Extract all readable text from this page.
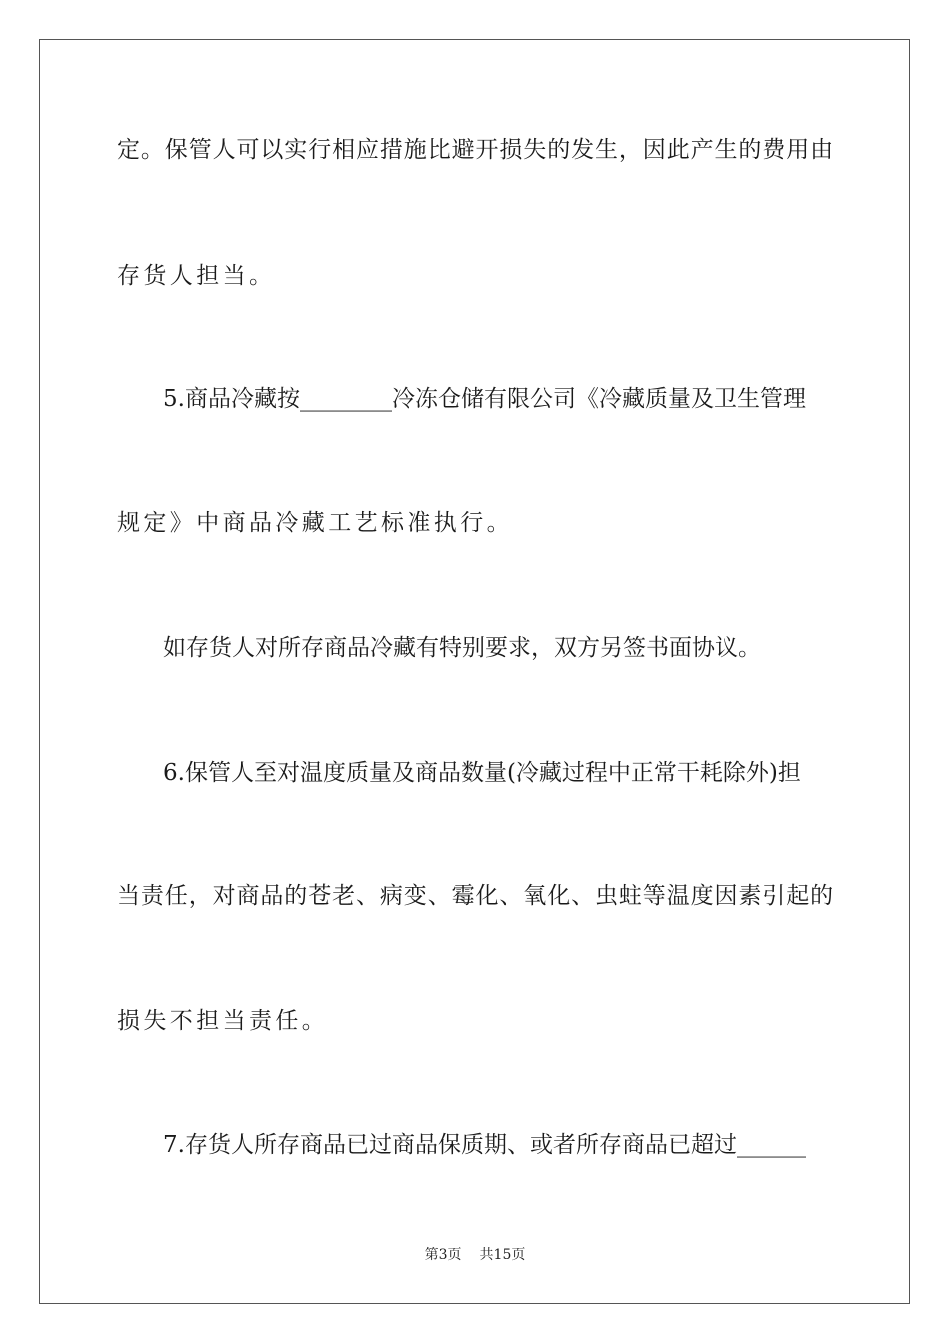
定。保管人可以实行相应措施比避开损失的发生，因此产生的费用由
存货人担当。
5.商品冷藏按________冷冻仓储有限公司《冷藏质量及卫生管理
规定》中商品冷藏工艺标准执行。
如存货人对所存商品冷藏有特别要求，双方另签书面协议。
6.保管人至对温度质量及商品数量(冷藏过程中正常干耗除外)担
当责任，对商品的苍老、病变、霉化、氧化、虫蛀等温度因素引起的
损失不担当责任。
7.存货人所存商品已过商品保质期、或者所存商品已超过______
第3页 共15页
